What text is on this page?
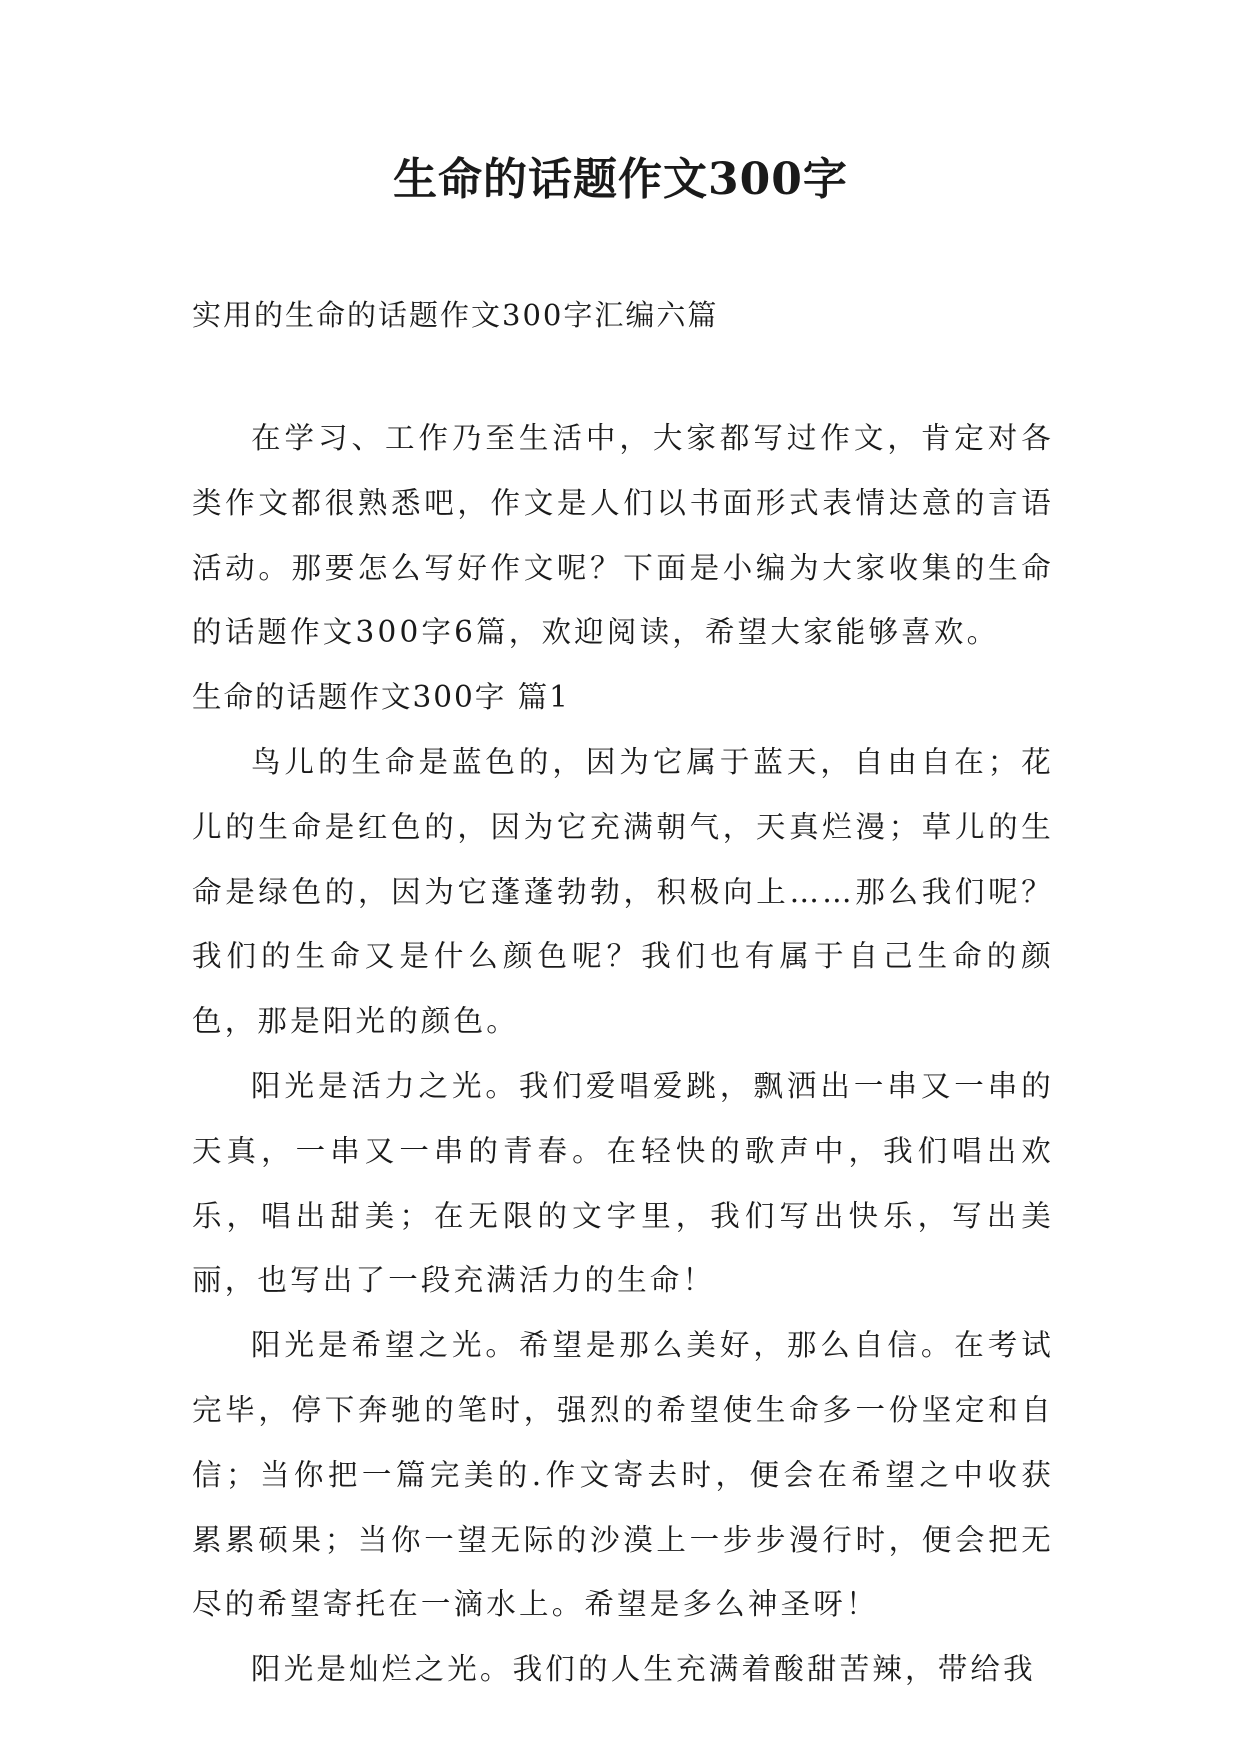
生命的话题作文300字

实用的生命的话题作文300字汇编六篇

在学习、工作乃至生活中，大家都写过作文，肯定对各类作文都很熟悉吧，作文是人们以书面形式表情达意的言语活动。那要怎么写好作文呢？下面是小编为大家收集的生命的话题作文300字6篇，欢迎阅读，希望大家能够喜欢。

生命的话题作文300字 篇1

鸟儿的生命是蓝色的，因为它属于蓝天，自由自在；花儿的生命是红色的，因为它充满朝气，天真烂漫；草儿的生命是绿色的，因为它蓬蓬勃勃，积极向上……那么我们呢？我们的生命又是什么颜色呢？我们也有属于自己生命的颜色，那是阳光的颜色。

阳光是活力之光。我们爱唱爱跳，飘洒出一串又一串的天真，一串又一串的青春。在轻快的歌声中，我们唱出欢乐，唱出甜美；在无限的文字里，我们写出快乐，写出美丽，也写出了一段充满活力的生命！

阳光是希望之光。希望是那么美好，那么自信。在考试完毕，停下奔驰的笔时，强烈的希望使生命多一份坚定和自信；当你把一篇完美的.作文寄去时，便会在希望之中收获累累硕果；当你一望无际的沙漠上一步步漫行时，便会把无尽的希望寄托在一滴水上。希望是多么神圣呀！

阳光是灿烂之光。我们的人生充满着酸甜苦辣，带给我
